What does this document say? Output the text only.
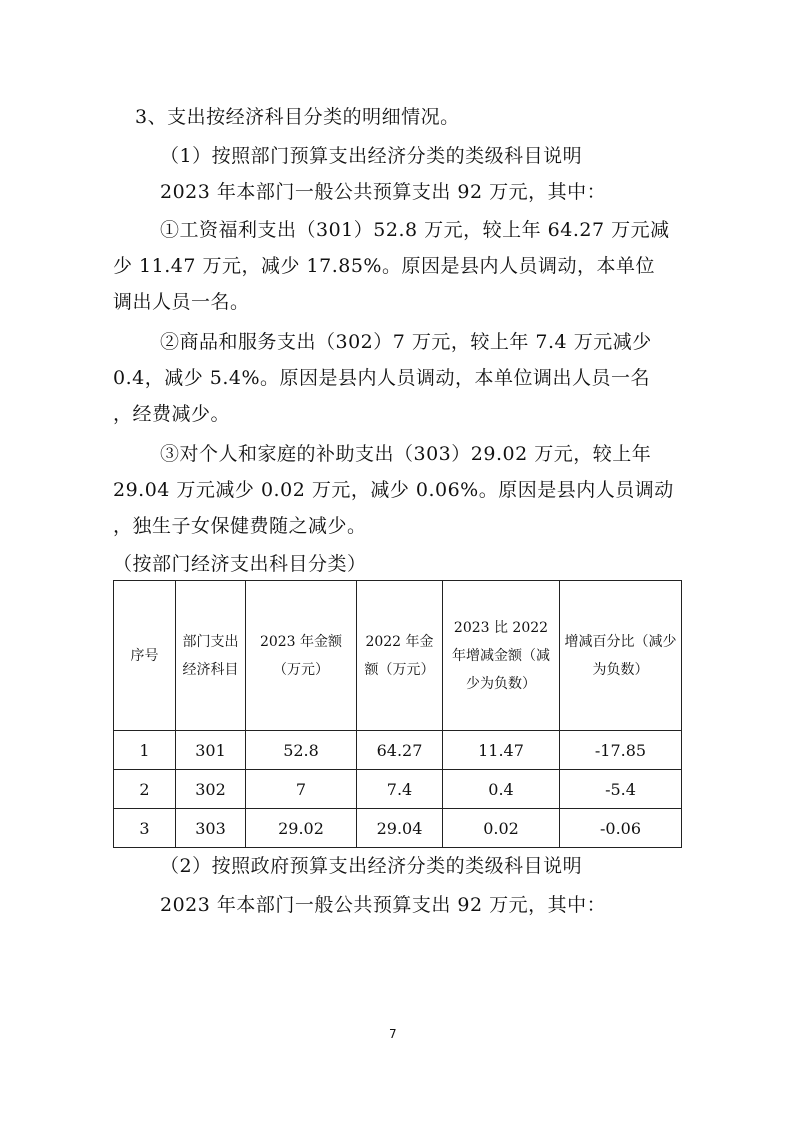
3、支出按经济科目分类的明细情况。
（1）按照部门预算支出经济分类的类级科目说明
2023 年本部门一般公共预算支出 92 万元，其中：
①工资福利支出（301）52.8 万元，较上年 64.27 万元减
少 11.47 万元，减少 17.85%。原因是县内人员调动，本单位
调出人员一名。
②商品和服务支出（302）7 万元，较上年 7.4 万元减少
0.4，减少 5.4%。原因是县内人员调动，本单位调出人员一名
，经费减少。
③对个人和家庭的补助支出（303）29.02 万元，较上年
29.04 万元减少 0.02 万元，减少 0.06%。原因是县内人员调动
，独生子女保健费随之减少。
（按部门经济支出科目分类）
序号	部门支出经济科目	2023 年金额（万元）	2022 年金额（万元）	2023 比 2022 年增减金额（减少为负数）	增减百分比（减少为负数）
1	301	52.8	64.27	11.47	-17.85
2	302	7	7.4	0.4	-5.4
3	303	29.02	29.04	0.02	-0.06
（2）按照政府预算支出经济分类的类级科目说明
2023 年本部门一般公共预算支出 92 万元，其中：
7
